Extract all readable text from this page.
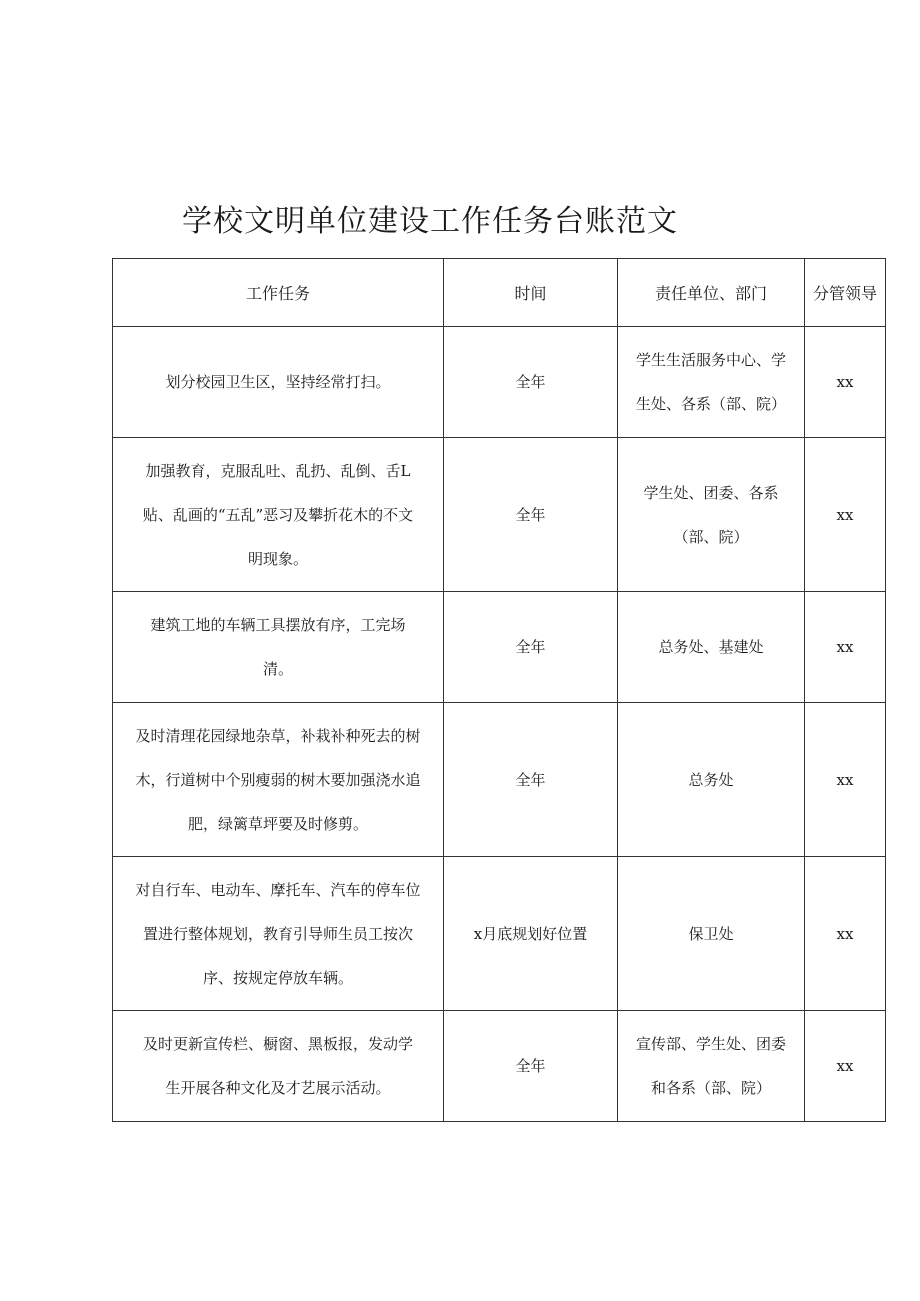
学校文明单位建设工作任务台账范文
工作任务	时间	责任单位、部门	分管领导

划分校园卫生区，坚持经常打扫。	全年	学生生活服务中心、学
生处、各系（部、院）	xx

加强教育，克服乱吐、乱扔、乱倒、舌L
贴、乱画的“五乱”恶习及攀折花木的不文
明现象。	全年	学生处、团委、各系
（部、院）	xx

建筑工地的车辆工具摆放有序，工完场
清。	全年	总务处、基建处	xx

及时清理花园绿地杂草，补栽补种死去的树
木，行道树中个别瘦弱的树木要加强浇水追
肥，绿篱草坪要及时修剪。	全年	总务处	xx

对自行车、电动车、摩托车、汽车的停车位
置进行整体规划，教育引导师生员工按次
序、按规定停放车辆。	x月底规划好位置	保卫处	xx

及时更新宣传栏、橱窗、黑板报，发动学
生开展各种文化及才艺展示活动。	全年	宣传部、学生处、团委
和各系（部、院）	xx
